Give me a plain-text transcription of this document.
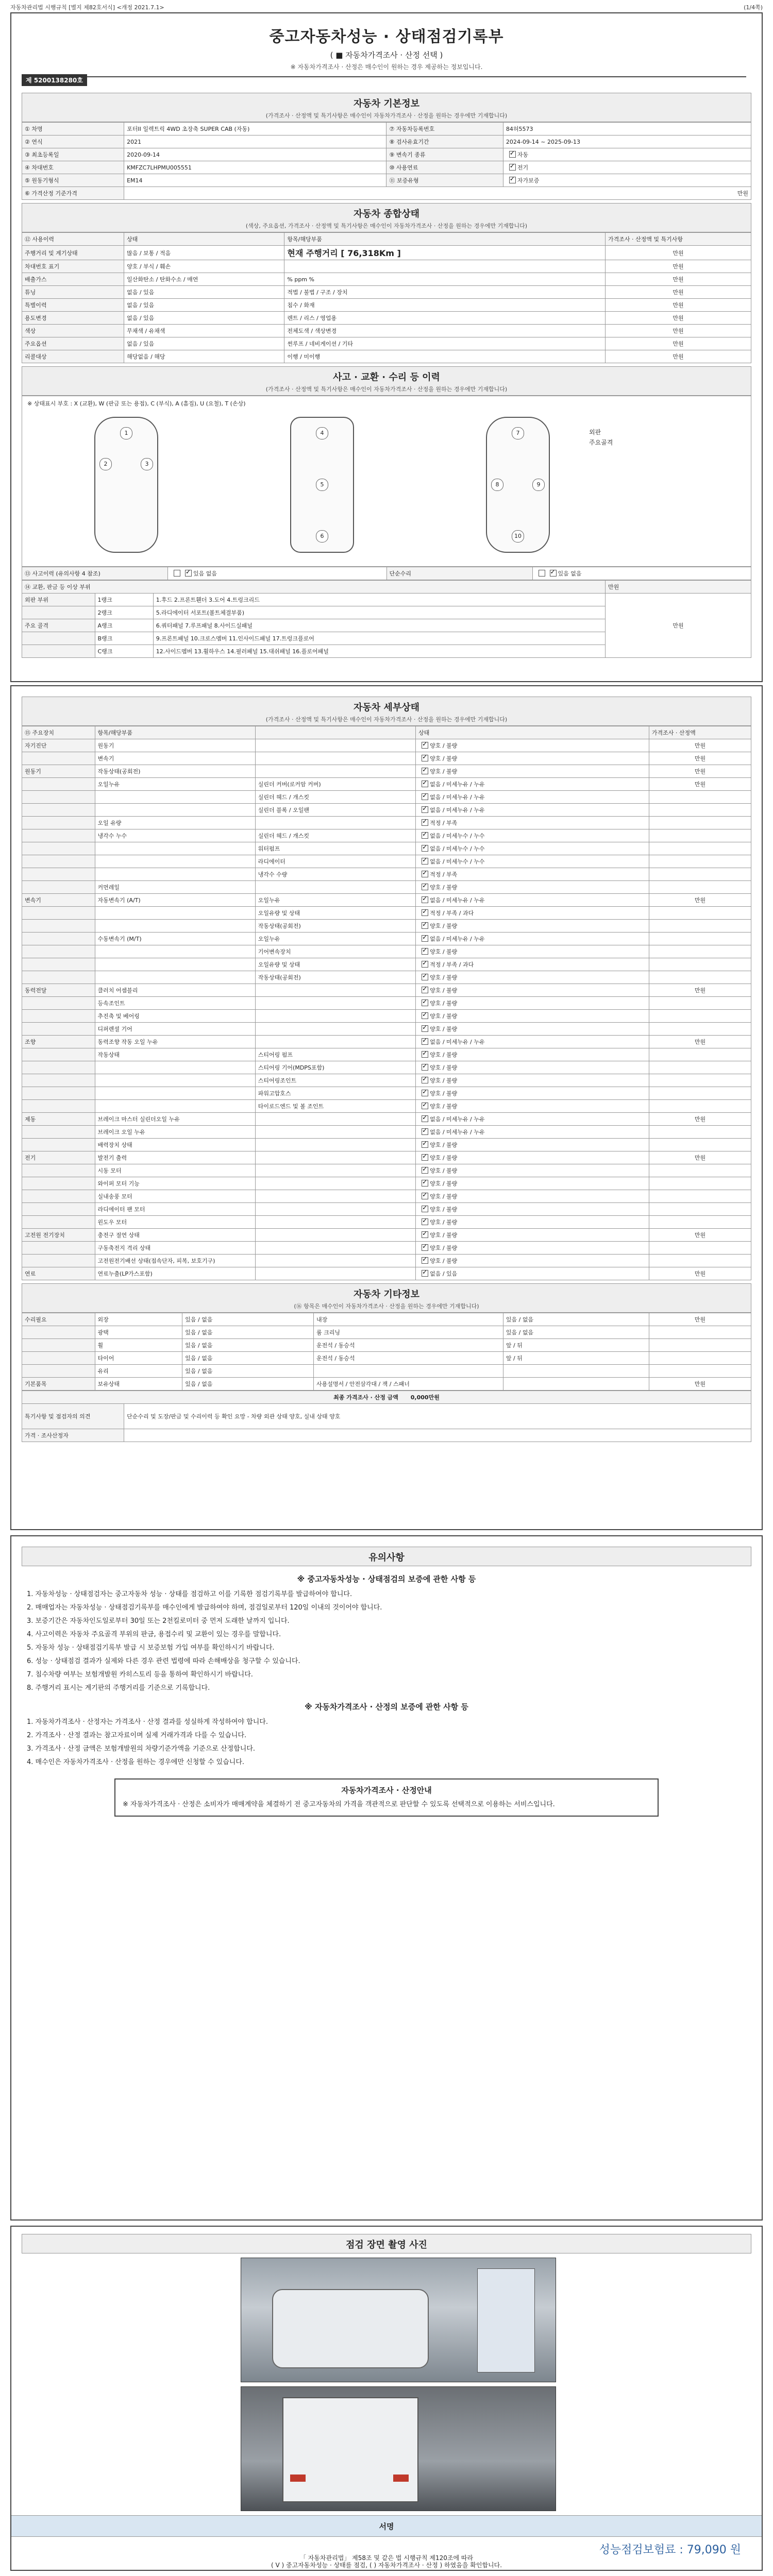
자동차관리법 시행규칙 [별지 제82호서식] <개정 2021.7.1>	(1/4쪽)
중고자동차성능 · 상태점검기록부
( ■ 자동차가격조사 · 산정 선택 )
※ 자동차가격조사 · 산정은 매수인이 원하는 경우 제공하는 정보입니다.
제 5200138280호
자동차 기본정보
(가격조사 · 산정액 및 특기사항은 매수인이 자동차가격조사 · 산정을 원하는 경우에만 기재합니다)
① 차명	포터II 일렉트릭 4WD 초장축 SUPER CAB (자동)	⑦ 자동차등록번호	84허5573
② 연식	2021	⑧ 검사유효기간	2024-09-14 ~ 2025-09-13
③ 최초등록일	2020-09-14	⑨ 변속기 종류	✓자동
④ 차대번호	KMFZC7LHPMU005551	⑩ 사용연료	✓전기
⑤ 원동기형식	EM14	⑪ 보증유형	✓자가보증
⑥ 가격산정 기준가격	만원		
자동차 종합상태
(색상, 주요옵션, 가격조사 · 산정액 및 특기사항은 매수인이 자동차가격조사 · 산정을 원하는 경우에만 기재합니다)
⑫ 사용이력	상태	항목/해당부품	가격조사 · 산정액 및 특기사항
주행거리 및 계기상태	많음 / 보통 / 적음	현재 주행거리 [ 76,318Km ]	만원
차대번호 표기	양호 / 부식 / 훼손		만원
배출가스	일산화탄소 / 탄화수소 / 매연	% ppm %	만원
튜닝	없음 / 있음	적법 / 불법 / 구조 / 장치	만원
특별이력	없음 / 있음	침수 / 화재	만원
용도변경	없음 / 있음	렌트 / 리스 / 영업용	만원
색상	무채색 / 유채색	전체도색 / 색상변경	만원
주요옵션	없음 / 있음	썬루프 / 네비게이션 / 기타	만원
리콜대상	해당없음 / 해당	이행 / 미이행	만원
사고 · 교환 · 수리 등 이력
(가격조사 · 산정액 및 특기사항은 매수인이 자동차가격조사 · 산정을 원하는 경우에만 기재합니다)
※ 상태표시 부호 : X (교환), W (판금 또는 용접), C (부식), A (흠집), U (요철), T (손상)
1
2	3
4
5
6
7
8	9
10
외판
주요골격
⑬ 사고이력 (유의사항 4 참조)	✓있음 없음	단순수리	✓있음 없음
⑭ 교환, 판금 등 이상 부위			만원
외판 부위	1랭크	1.후드 2.프론트휀더 3.도어 4.트렁크리드	만원
	2랭크	5.라디에이터 서포트(볼트체결부품)	
주요 골격	A랭크	6.쿼터패널 7.루프패널 8.사이드실패널	
	B랭크	9.프론트패널 10.크로스멤버 11.인사이드패널 17.트렁크플로어	
	C랭크	12.사이드멤버 13.휠하우스 14.필러패널 15.대쉬패널 16.플로어패널	
자동차 세부상태
(가격조사 · 산정액 및 특기사항은 매수인이 자동차가격조사 · 산정을 원하는 경우에만 기재합니다)
⑮ 주요장치	항목/해당부품		상태	가격조사 · 산정액
자기진단	원동기		✓양호 / 불량	만원
	변속기		✓양호 / 불량	만원
원동기	작동상태(공회전)		✓양호 / 불량	만원
	오일누유	실린더 커버(로커암 커버)	✓없음 / 미세누유 / 누유	만원
		실린더 헤드 / 개스킷	✓없음 / 미세누유 / 누유	
		실린더 블록 / 오일팬	✓없음 / 미세누유 / 누유	
	오일 유량		✓적정 / 부족	
	냉각수 누수	실린더 헤드 / 개스킷	✓없음 / 미세누수 / 누수	
		워터펌프	✓없음 / 미세누수 / 누수	
		라디에이터	✓없음 / 미세누수 / 누수	
		냉각수 수량	✓적정 / 부족	
	커먼레일		✓양호 / 불량	
변속기	자동변속기 (A/T)	오일누유	✓없음 / 미세누유 / 누유	만원
		오일유량 및 상태	✓적정 / 부족 / 과다	
		작동상태(공회전)	✓양호 / 불량	
	수동변속기 (M/T)	오일누유	✓없음 / 미세누유 / 누유	
		기어변속장치	✓양호 / 불량	
		오일유량 및 상태	✓적정 / 부족 / 과다	
		작동상태(공회전)	✓양호 / 불량	
동력전달	클러치 어셈블리		✓양호 / 불량	만원
	등속조인트		✓양호 / 불량	
	추진축 및 베어링		✓양호 / 불량	
	디퍼렌셜 기어		✓양호 / 불량	
조향	동력조향 작동 오일 누유		✓없음 / 미세누유 / 누유	만원
	작동상태	스티어링 펌프	✓양호 / 불량	
		스티어링 기어(MDPS포함)	✓양호 / 불량	
		스티어링조인트	✓양호 / 불량	
		파워고압호스	✓양호 / 불량	
		타이로드엔드 및 볼 조인트	✓양호 / 불량	
제동	브레이크 마스터 실린더오일 누유		✓없음 / 미세누유 / 누유	만원
	브레이크 오일 누유		✓없음 / 미세누유 / 누유	
	배력장치 상태		✓양호 / 불량	
전기	발전기 출력		✓양호 / 불량	만원
	시동 모터		✓양호 / 불량	
	와이퍼 모터 기능		✓양호 / 불량	
	실내송풍 모터		✓양호 / 불량	
	라디에이터 팬 모터		✓양호 / 불량	
	윈도우 모터		✓양호 / 불량	
고전원 전기장치	충전구 절연 상태		✓양호 / 불량	만원
	구동축전지 격리 상태		✓양호 / 불량	
	고전원전기배선 상태(접속단자, 피복, 보호기구)		✓양호 / 불량	
연료	연료누출(LP가스포함)		✓없음 / 있음	만원
자동차 기타정보
(⑯ 항목은 매수인이 자동차가격조사 · 산정을 원하는 경우에만 기재합니다)
수리필요	외장	있음 / 없음	내장	있음 / 없음	만원
	광택	있음 / 없음	룸 크리닝	있음 / 없음	
	휠	있음 / 없음	운전석 / 동승석	앞 / 뒤	
	타이어	있음 / 없음	운전석 / 동승석	앞 / 뒤	
	유리	있음 / 없음			
기본품목	보유상태	있음 / 없음	사용설명서 / 안전삼각대 / 잭 / 스패너		만원
최종 가격조사 · 산정 금액 0,000만원	
특기사항 및 점검자의 의견	단순수리 및 도장/판금 및 수리이력 등 확인 요망 - 차량 외관 상태 양호, 실내 상태 양호
가격 · 조사산정자	
유의사항
※ 중고자동차성능 · 상태점검의 보증에 관한 사항 등

1. 자동차성능 · 상태점검자는 중고자동차 성능 · 상태를 점검하고 이를 기록한 점검기록부를 발급하여야 합니다.

2. 매매업자는 자동차성능 · 상태점검기록부를 매수인에게 발급하여야 하며, 점검일로부터 120일 이내의 것이어야 합니다.

3. 보증기간은 자동차인도일로부터 30일 또는 2천킬로미터 중 먼저 도래한 날까지 입니다.

4. 사고이력은 자동차 주요골격 부위의 판금, 용접수리 및 교환이 있는 경우를 말합니다.

5. 자동차 성능 · 상태점검기록부 발급 시 보증보험 가입 여부를 확인하시기 바랍니다.

6. 성능 · 상태점검 결과가 실제와 다른 경우 관련 법령에 따라 손해배상을 청구할 수 있습니다.

7. 침수차량 여부는 보험개발원 카히스토리 등을 통하여 확인하시기 바랍니다.

8. 주행거리 표시는 계기판의 주행거리를 기준으로 기록합니다.

※ 자동차가격조사 · 산정의 보증에 관한 사항 등

1. 자동차가격조사 · 산정자는 가격조사 · 산정 결과를 성실하게 작성하여야 합니다.

2. 가격조사 · 산정 결과는 참고자료이며 실제 거래가격과 다를 수 있습니다.

3. 가격조사 · 산정 금액은 보험개발원의 차량기준가액을 기준으로 산정합니다.

4. 매수인은 자동차가격조사 · 산정을 원하는 경우에만 신청할 수 있습니다.

자동차가격조사 · 산정안내
※ 자동차가격조사 · 산정은 소비자가 매매계약을 체결하기 전 중고자동차의 가격을 객관적으로 판단할 수 있도록 선택적으로 이용하는 서비스입니다.
점검 장면 촬영 사진
서명
성능점검보험료 : 79,090 원
「 자동차관리법」 제58조 및 같은 법 시행규칙 제120조에 따라
( V ) 중고자동차성능 · 상태를 점검, ( ) 자동차가격조사 · 산정 ) 하였음을 확인합니다.
